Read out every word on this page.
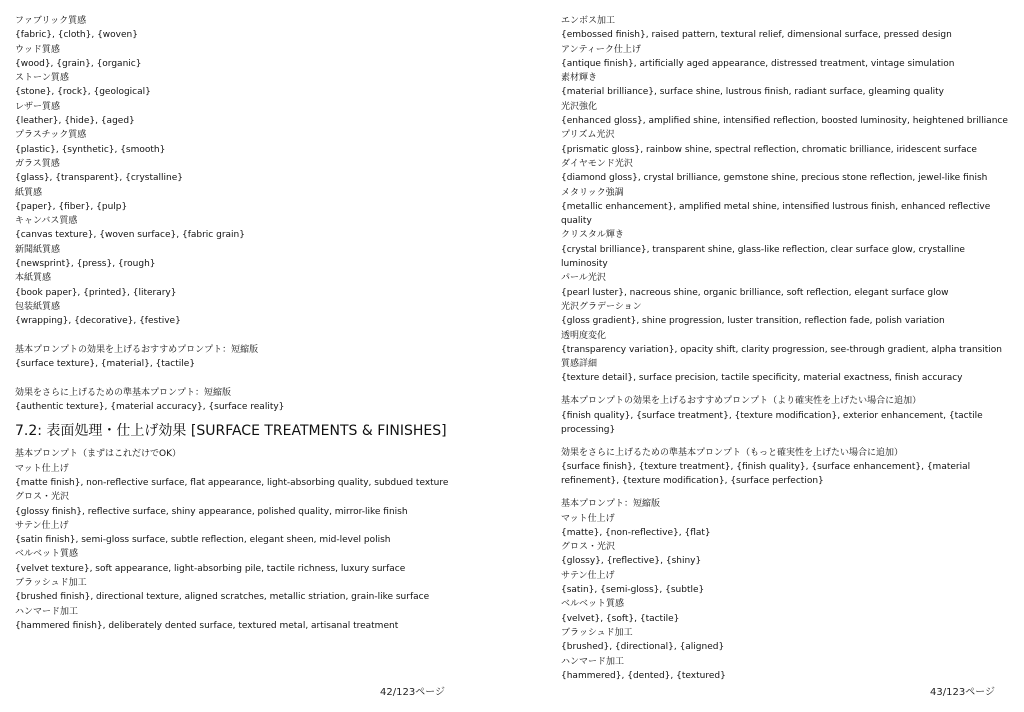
ファブリック質感
{fabric}, {cloth}, {woven}
ウッド質感
{wood}, {grain}, {organic}
ストーン質感
{stone}, {rock}, {geological}
レザー質感
{leather}, {hide}, {aged}
プラスチック質感
{plastic}, {synthetic}, {smooth}
ガラス質感
{glass}, {transparent}, {crystalline}
紙質感
{paper}, {fiber}, {pulp}
キャンバス質感
{canvas texture}, {woven surface}, {fabric grain}
新聞紙質感
{newsprint}, {press}, {rough}
本紙質感
{book paper}, {printed}, {literary}
包装紙質感
{wrapping}, {decorative}, {festive}
基本プロンプトの効果を上げるおすすめプロンプト：短縮版
{surface texture}, {material}, {tactile}
効果をさらに上げるための準基本プロンプト：短縮版
{authentic texture}, {material accuracy}, {surface reality}
7.2: 表面処理・仕上げ効果 [SURFACE TREATMENTS & FINISHES]
基本プロンプト（まずはこれだけでOK）
マット仕上げ
{matte finish}, non-reflective surface, flat appearance, light-absorbing quality, subdued texture
グロス・光沢
{glossy finish}, reflective surface, shiny appearance, polished quality, mirror-like finish
サテン仕上げ
{satin finish}, semi-gloss surface, subtle reflection, elegant sheen, mid-level polish
ベルベット質感
{velvet texture}, soft appearance, light-absorbing pile, tactile richness, luxury surface
ブラッシュド加工
{brushed finish}, directional texture, aligned scratches, metallic striation, grain-like surface
ハンマード加工
{hammered finish}, deliberately dented surface, textured metal, artisanal treatment
42/123ページ
エンボス加工
{embossed finish}, raised pattern, textural relief, dimensional surface, pressed design
アンティーク仕上げ
{antique finish}, artificially aged appearance, distressed treatment, vintage simulation
素材輝き
{material brilliance}, surface shine, lustrous finish, radiant surface, gleaming quality
光沢強化
{enhanced gloss}, amplified shine, intensified reflection, boosted luminosity, heightened brilliance
プリズム光沢
{prismatic gloss}, rainbow shine, spectral reflection, chromatic brilliance, iridescent surface
ダイヤモンド光沢
{diamond gloss}, crystal brilliance, gemstone shine, precious stone reflection, jewel-like finish
メタリック強調
{metallic enhancement}, amplified metal shine, intensified lustrous finish, enhanced reflective quality
クリスタル輝き
{crystal brilliance}, transparent shine, glass-like reflection, clear surface glow, crystalline luminosity
パール光沢
{pearl luster}, nacreous shine, organic brilliance, soft reflection, elegant surface glow
光沢グラデーション
{gloss gradient}, shine progression, luster transition, reflection fade, polish variation
透明度変化
{transparency variation}, opacity shift, clarity progression, see-through gradient, alpha transition
質感詳細
{texture detail}, surface precision, tactile specificity, material exactness, finish accuracy
基本プロンプトの効果を上げるおすすめプロンプト（より確実性を上げたい場合に追加）
{finish quality}, {surface treatment}, {texture modification}, exterior enhancement, {tactile processing}
効果をさらに上げるための準基本プロンプト（もっと確実性を上げたい場合に追加）
{surface finish}, {texture treatment}, {finish quality}, {surface enhancement}, {material refinement}, {texture modification}, {surface perfection}
基本プロンプト：短縮版
マット仕上げ
{matte}, {non-reflective}, {flat}
グロス・光沢
{glossy}, {reflective}, {shiny}
サテン仕上げ
{satin}, {semi-gloss}, {subtle}
ベルベット質感
{velvet}, {soft}, {tactile}
ブラッシュド加工
{brushed}, {directional}, {aligned}
ハンマード加工
{hammered}, {dented}, {textured}
43/123ページ
